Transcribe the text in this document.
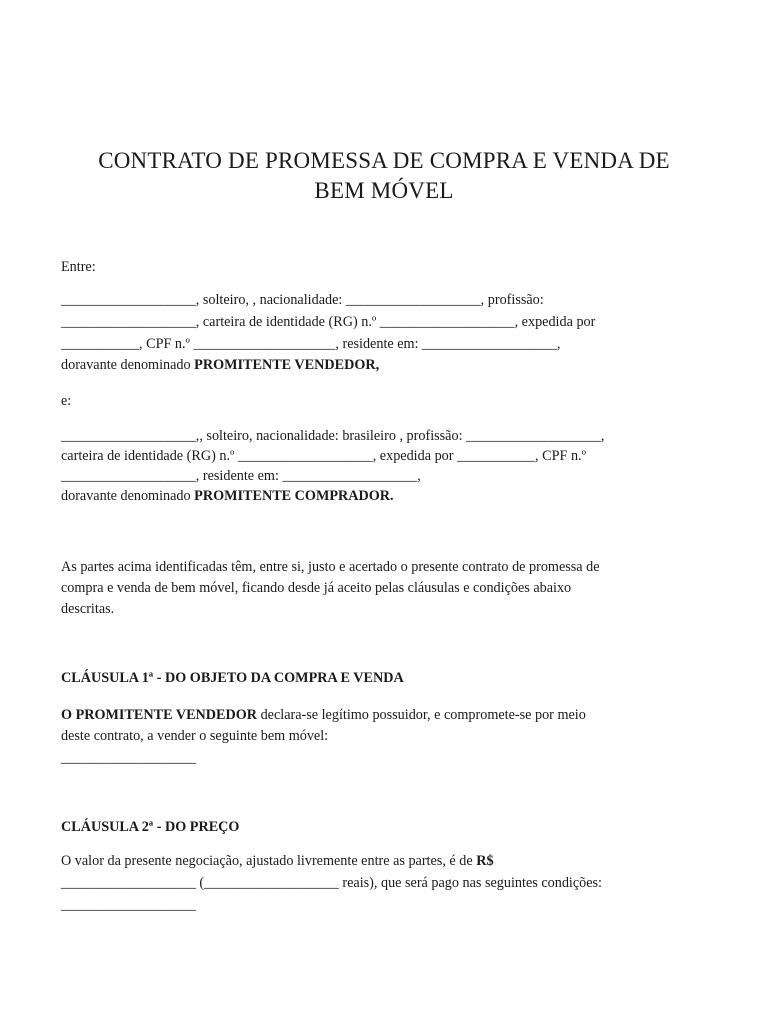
CONTRATO DE PROMESSA DE COMPRA E VENDA DE
BEM MÓVEL
Entre:
___________________, solteiro, , nacionalidade: ___________________, profissão:
___________________, carteira de identidade (RG) n.º ___________________, expedida por
___________, CPF n.º ____________________, residente em: ___________________,
doravante denominado PROMITENTE VENDEDOR,
e:
___________________,, solteiro, nacionalidade: brasileiro , profissão: ___________________,
carteira de identidade (RG) n.º ___________________, expedida por ___________, CPF n.º
___________________, residente em: ___________________,
doravante denominado PROMITENTE COMPRADOR.
As partes acima identificadas têm, entre si, justo e acertado o presente contrato de promessa de
compra e venda de bem móvel, ficando desde já aceito pelas cláusulas e condições abaixo
descritas.
CLÁUSULA 1ª - DO OBJETO DA COMPRA E VENDA
O PROMITENTE VENDEDOR declara-se legítimo possuidor, e compromete-se por meio
deste contrato, a vender o seguinte bem móvel:
___________________
CLÁUSULA 2ª - DO PREÇO
O valor da presente negociação, ajustado livremente entre as partes, é de R$
___________________ (___________________ reais), que será pago nas seguintes condições:
___________________
